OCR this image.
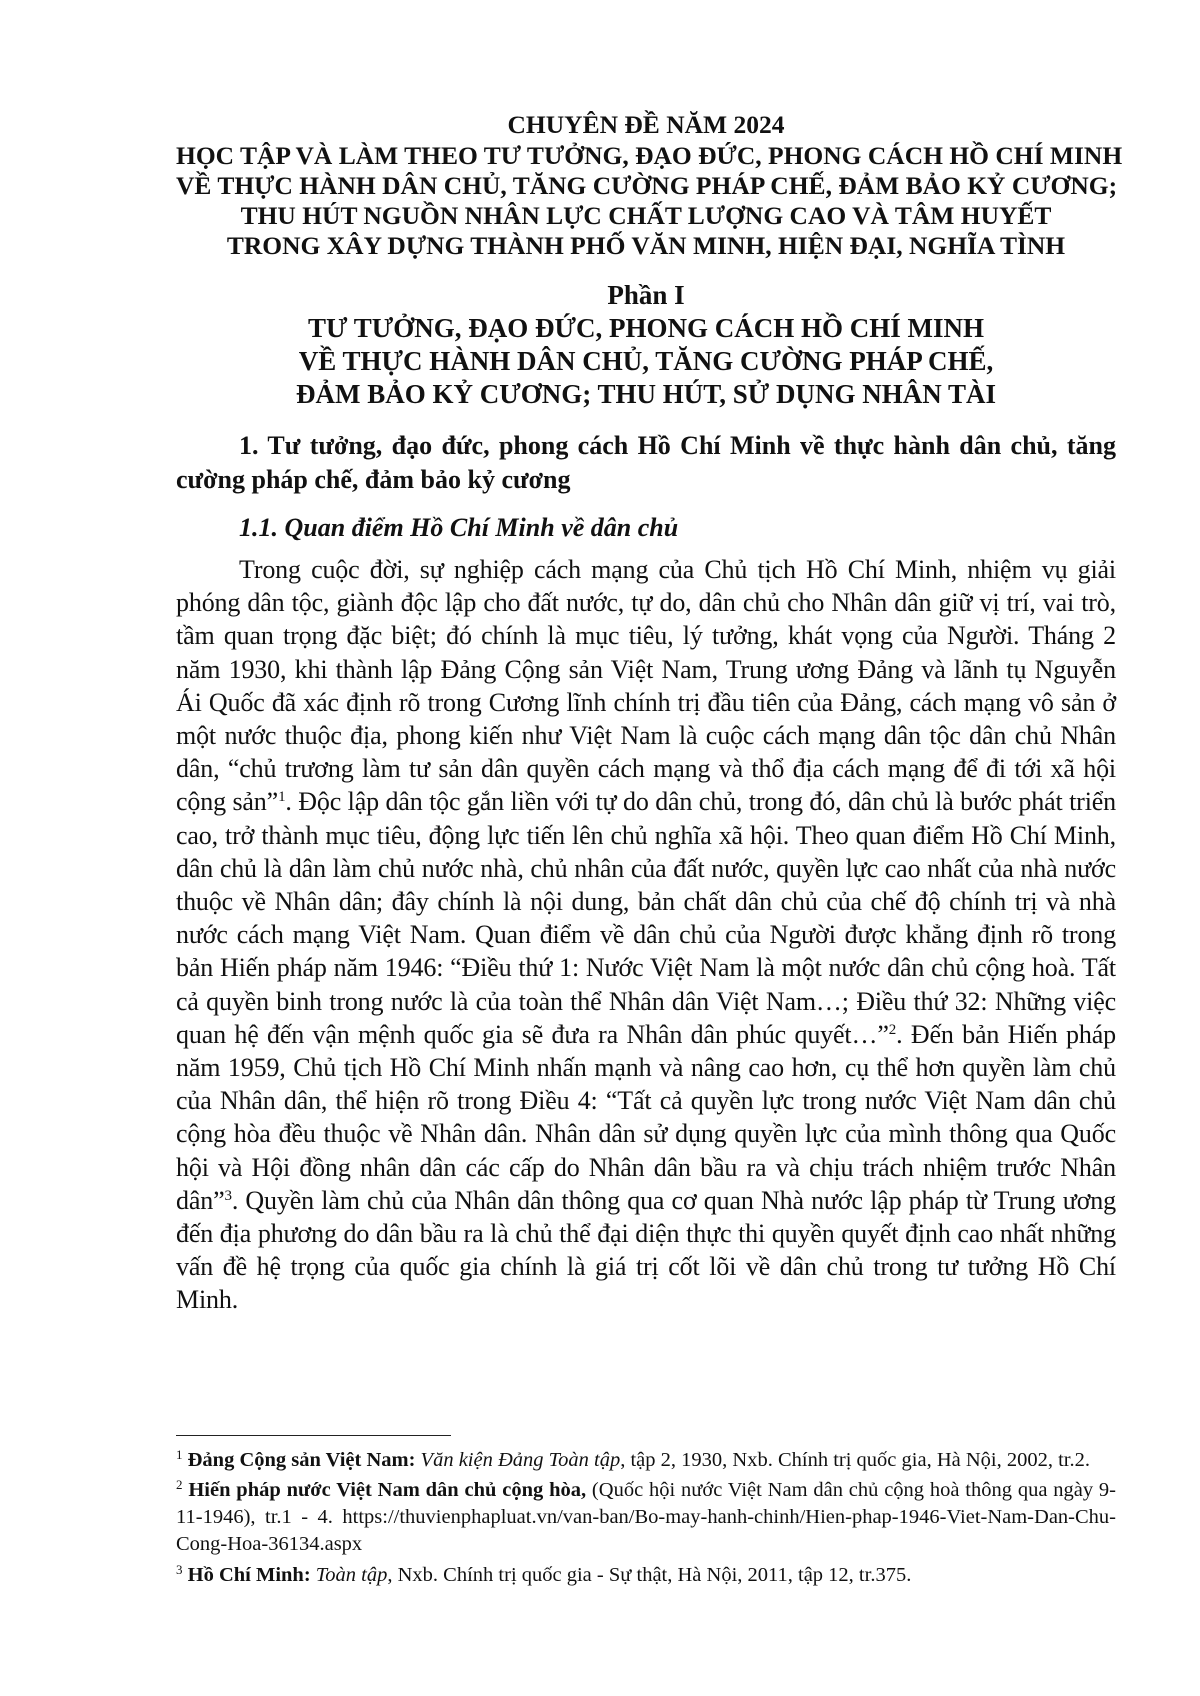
CHUYÊN ĐỀ NĂM 2024

HỌC TẬP VÀ LÀM THEO TƯ TƯỞNG, ĐẠO ĐỨC, PHONG CÁCH HỒ CHÍ MINH

VỀ THỰC HÀNH DÂN CHỦ, TĂNG CƯỜNG PHÁP CHẾ, ĐẢM BẢO KỶ CƯƠNG;

THU HÚT NGUỒN NHÂN LỰC CHẤT LƯỢNG CAO VÀ TÂM HUYẾT

TRONG XÂY DỰNG THÀNH PHỐ VĂN MINH, HIỆN ĐẠI, NGHĨA TÌNH

Phần I

TƯ TƯỞNG, ĐẠO ĐỨC, PHONG CÁCH HỒ CHÍ MINH

VỀ THỰC HÀNH DÂN CHỦ, TĂNG CƯỜNG PHÁP CHẾ,

ĐẢM BẢO KỶ CƯƠNG; THU HÚT, SỬ DỤNG NHÂN TÀI

1. Tư tưởng, đạo đức, phong cách Hồ Chí Minh về thực hành dân chủ, tăng cường pháp chế, đảm bảo kỷ cương

1.1. Quan điểm Hồ Chí Minh về dân chủ

Trong cuộc đời, sự nghiệp cách mạng của Chủ tịch Hồ Chí Minh, nhiệm vụ giải phóng dân tộc, giành độc lập cho đất nước, tự do, dân chủ cho Nhân dân giữ vị trí, vai trò, tầm quan trọng đặc biệt; đó chính là mục tiêu, lý tưởng, khát vọng của Người. Tháng 2 năm 1930, khi thành lập Đảng Cộng sản Việt Nam, Trung ương Đảng và lãnh tụ Nguyễn Ái Quốc đã xác định rõ trong Cương lĩnh chính trị đầu tiên của Đảng, cách mạng vô sản ở một nước thuộc địa, phong kiến như Việt Nam là cuộc cách mạng dân tộc dân chủ Nhân dân, “chủ trương làm tư sản dân quyền cách mạng và thổ địa cách mạng để đi tới xã hội cộng sản”$^1$. Độc lập dân tộc gắn liền với tự do dân chủ, trong đó, dân chủ là bước phát triển cao, trở thành mục tiêu, động lực tiến lên chủ nghĩa xã hội. Theo quan điểm Hồ Chí Minh, dân chủ là dân làm chủ nước nhà, chủ nhân của đất nước, quyền lực cao nhất của nhà nước thuộc về Nhân dân; đây chính là nội dung, bản chất dân chủ của chế độ chính trị và nhà nước cách mạng Việt Nam. Quan điểm về dân chủ của Người được khẳng định rõ trong bản Hiến pháp năm 1946: “Điều thứ 1: Nước Việt Nam là một nước dân chủ cộng hoà. Tất cả quyền binh trong nước là của toàn thể Nhân dân Việt Nam…; Điều thứ 32: Những việc quan hệ đến vận mệnh quốc gia sẽ đưa ra Nhân dân phúc quyết…”$^2$. Đến bản Hiến pháp năm 1959, Chủ tịch Hồ Chí Minh nhấn mạnh và nâng cao hơn, cụ thể hơn quyền làm chủ của Nhân dân, thể hiện rõ trong Điều 4: “Tất cả quyền lực trong nước Việt Nam dân chủ cộng hòa đều thuộc về Nhân dân. Nhân dân sử dụng quyền lực của mình thông qua Quốc hội và Hội đồng nhân dân các cấp do Nhân dân bầu ra và chịu trách nhiệm trước Nhân dân”$^3$. Quyền làm chủ của Nhân dân thông qua cơ quan Nhà nước lập pháp từ Trung ương đến địa phương do dân bầu ra là chủ thể đại diện thực thi quyền quyết định cao nhất những vấn đề hệ trọng của quốc gia chính là giá trị cốt lõi về dân chủ trong tư tưởng Hồ Chí Minh.

$^1$ Đảng Cộng sản Việt Nam: Văn kiện Đảng Toàn tập, tập 2, 1930, Nxb. Chính trị quốc gia, Hà Nội, 2002, tr.2.
$^2$ Hiến pháp nước Việt Nam dân chủ cộng hòa, (Quốc hội nước Việt Nam dân chủ cộng hoà thông qua ngày 9-11-1946), tr.1 - 4. https://thuvienphapluat.vn/van-ban/Bo-may-hanh-chinh/Hien-phap-1946-Viet-Nam-Dan-Chu-Cong-Hoa-36134.aspx
$^3$ Hồ Chí Minh: Toàn tập, Nxb. Chính trị quốc gia - Sự thật, Hà Nội, 2011, tập 12, tr.375.
